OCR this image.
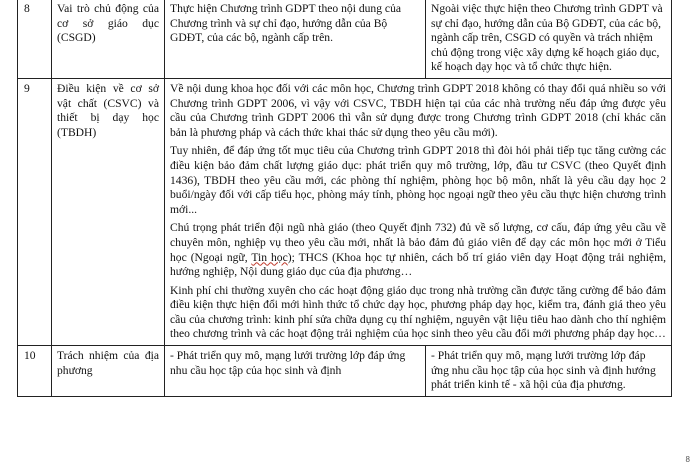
8	Vai trò chủ động của cơ sở giáo dục (CSGD)	Thực hiện Chương trình GDPT theo nội dung của Chương trình và sự chỉ đạo, hướng dẫn của Bộ GDĐT, của các bộ, ngành cấp trên.	Ngoài việc thực hiện theo Chương trình GDPT và sự chỉ đạo, hướng dẫn của Bộ GDĐT, của các bộ, ngành cấp trên, CSGD có quyền và trách nhiệm chủ động trong việc xây dựng kế hoạch giáo dục, kế hoạch dạy học và tổ chức thực hiện.
9	Điều kiện về cơ sở vật chất (CSVC) và thiết bị dạy học (TBDH)	Về nội dung khoa học đối với các môn học, Chương trình GDPT 2018 không có thay đổi quá nhiều so với Chương trình GDPT 2006, vì vậy với CSVC, TBDH hiện tại của các nhà trường nếu đáp ứng được yêu cầu của Chương trình GDPT 2006 thì vẫn sử dụng được trong Chương trình GDPT 2018 (chỉ khác căn bản là phương pháp và cách thức khai thác sử dụng theo yêu cầu mới).

Tuy nhiên, để đáp ứng tốt mục tiêu của Chương trình GDPT 2018 thì đòi hỏi phải tiếp tục tăng cường các điều kiện bảo đảm chất lượng giáo dục: phát triển quy mô trường, lớp, đầu tư CSVC (theo Quyết định 1436), TBDH theo yêu cầu mới, các phòng thí nghiệm, phòng học bộ môn, nhất là yêu cầu dạy học 2 buổi/ngày đối với cấp tiểu học, phòng máy tính, phòng học ngoại ngữ theo yêu cầu thực hiện chương trình mới...

Chú trọng phát triển đội ngũ nhà giáo (theo Quyết định 732) đủ về số lượng, cơ cấu, đáp ứng yêu cầu về chuyên môn, nghiệp vụ theo yêu cầu mới, nhất là bảo đảm đủ giáo viên để dạy các môn học mới ở Tiểu học (Ngoại ngữ, Tin học); THCS (Khoa học tự nhiên, cách bố trí giáo viên dạy Hoạt động trải nghiệm, hướng nghiệp, Nội dung giáo dục của địa phương…

Kinh phí chi thường xuyên cho các hoạt động giáo dục trong nhà trường cần được tăng cường để bảo đảm điều kiện thực hiện đổi mới hình thức tổ chức dạy học, phương pháp dạy học, kiểm tra, đánh giá theo yêu cầu của chương trình: kinh phí sửa chữa dụng cụ thí nghiệm, nguyên vật liệu tiêu hao dành cho thí nghiệm theo chương trình và các hoạt động trải nghiệm của học sinh theo yêu cầu đổi mới phương pháp dạy học…	

10	Trách nhiệm của địa phương	- Phát triển quy mô, mạng lưới trường lớp đáp ứng nhu cầu học tập của học sinh và định	- Phát triển quy mô, mạng lưới trường lớp đáp ứng nhu cầu học tập của học sinh và định hướng phát triển kinh tế - xã hội của địa phương.
8
